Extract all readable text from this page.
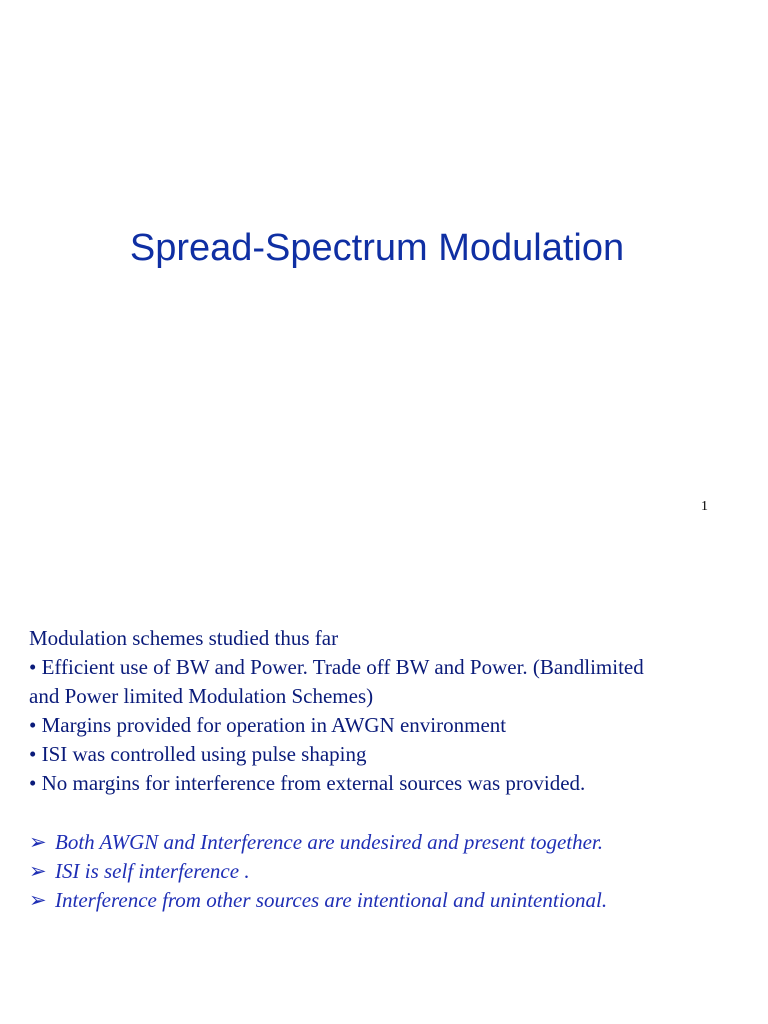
Spread-Spectrum Modulation
1
Modulation schemes studied thus far
• Efficient use of BW and Power. Trade off BW and Power. (Bandlimited
and Power limited Modulation Schemes)
• Margins provided for operation in AWGN environment
• ISI was controlled using pulse shaping
• No margins for interference from external sources was provided.
➢ Both AWGN and Interference are undesired and present together.
➢ ISI is self interference .
➢ Interference from other sources are intentional and unintentional.
